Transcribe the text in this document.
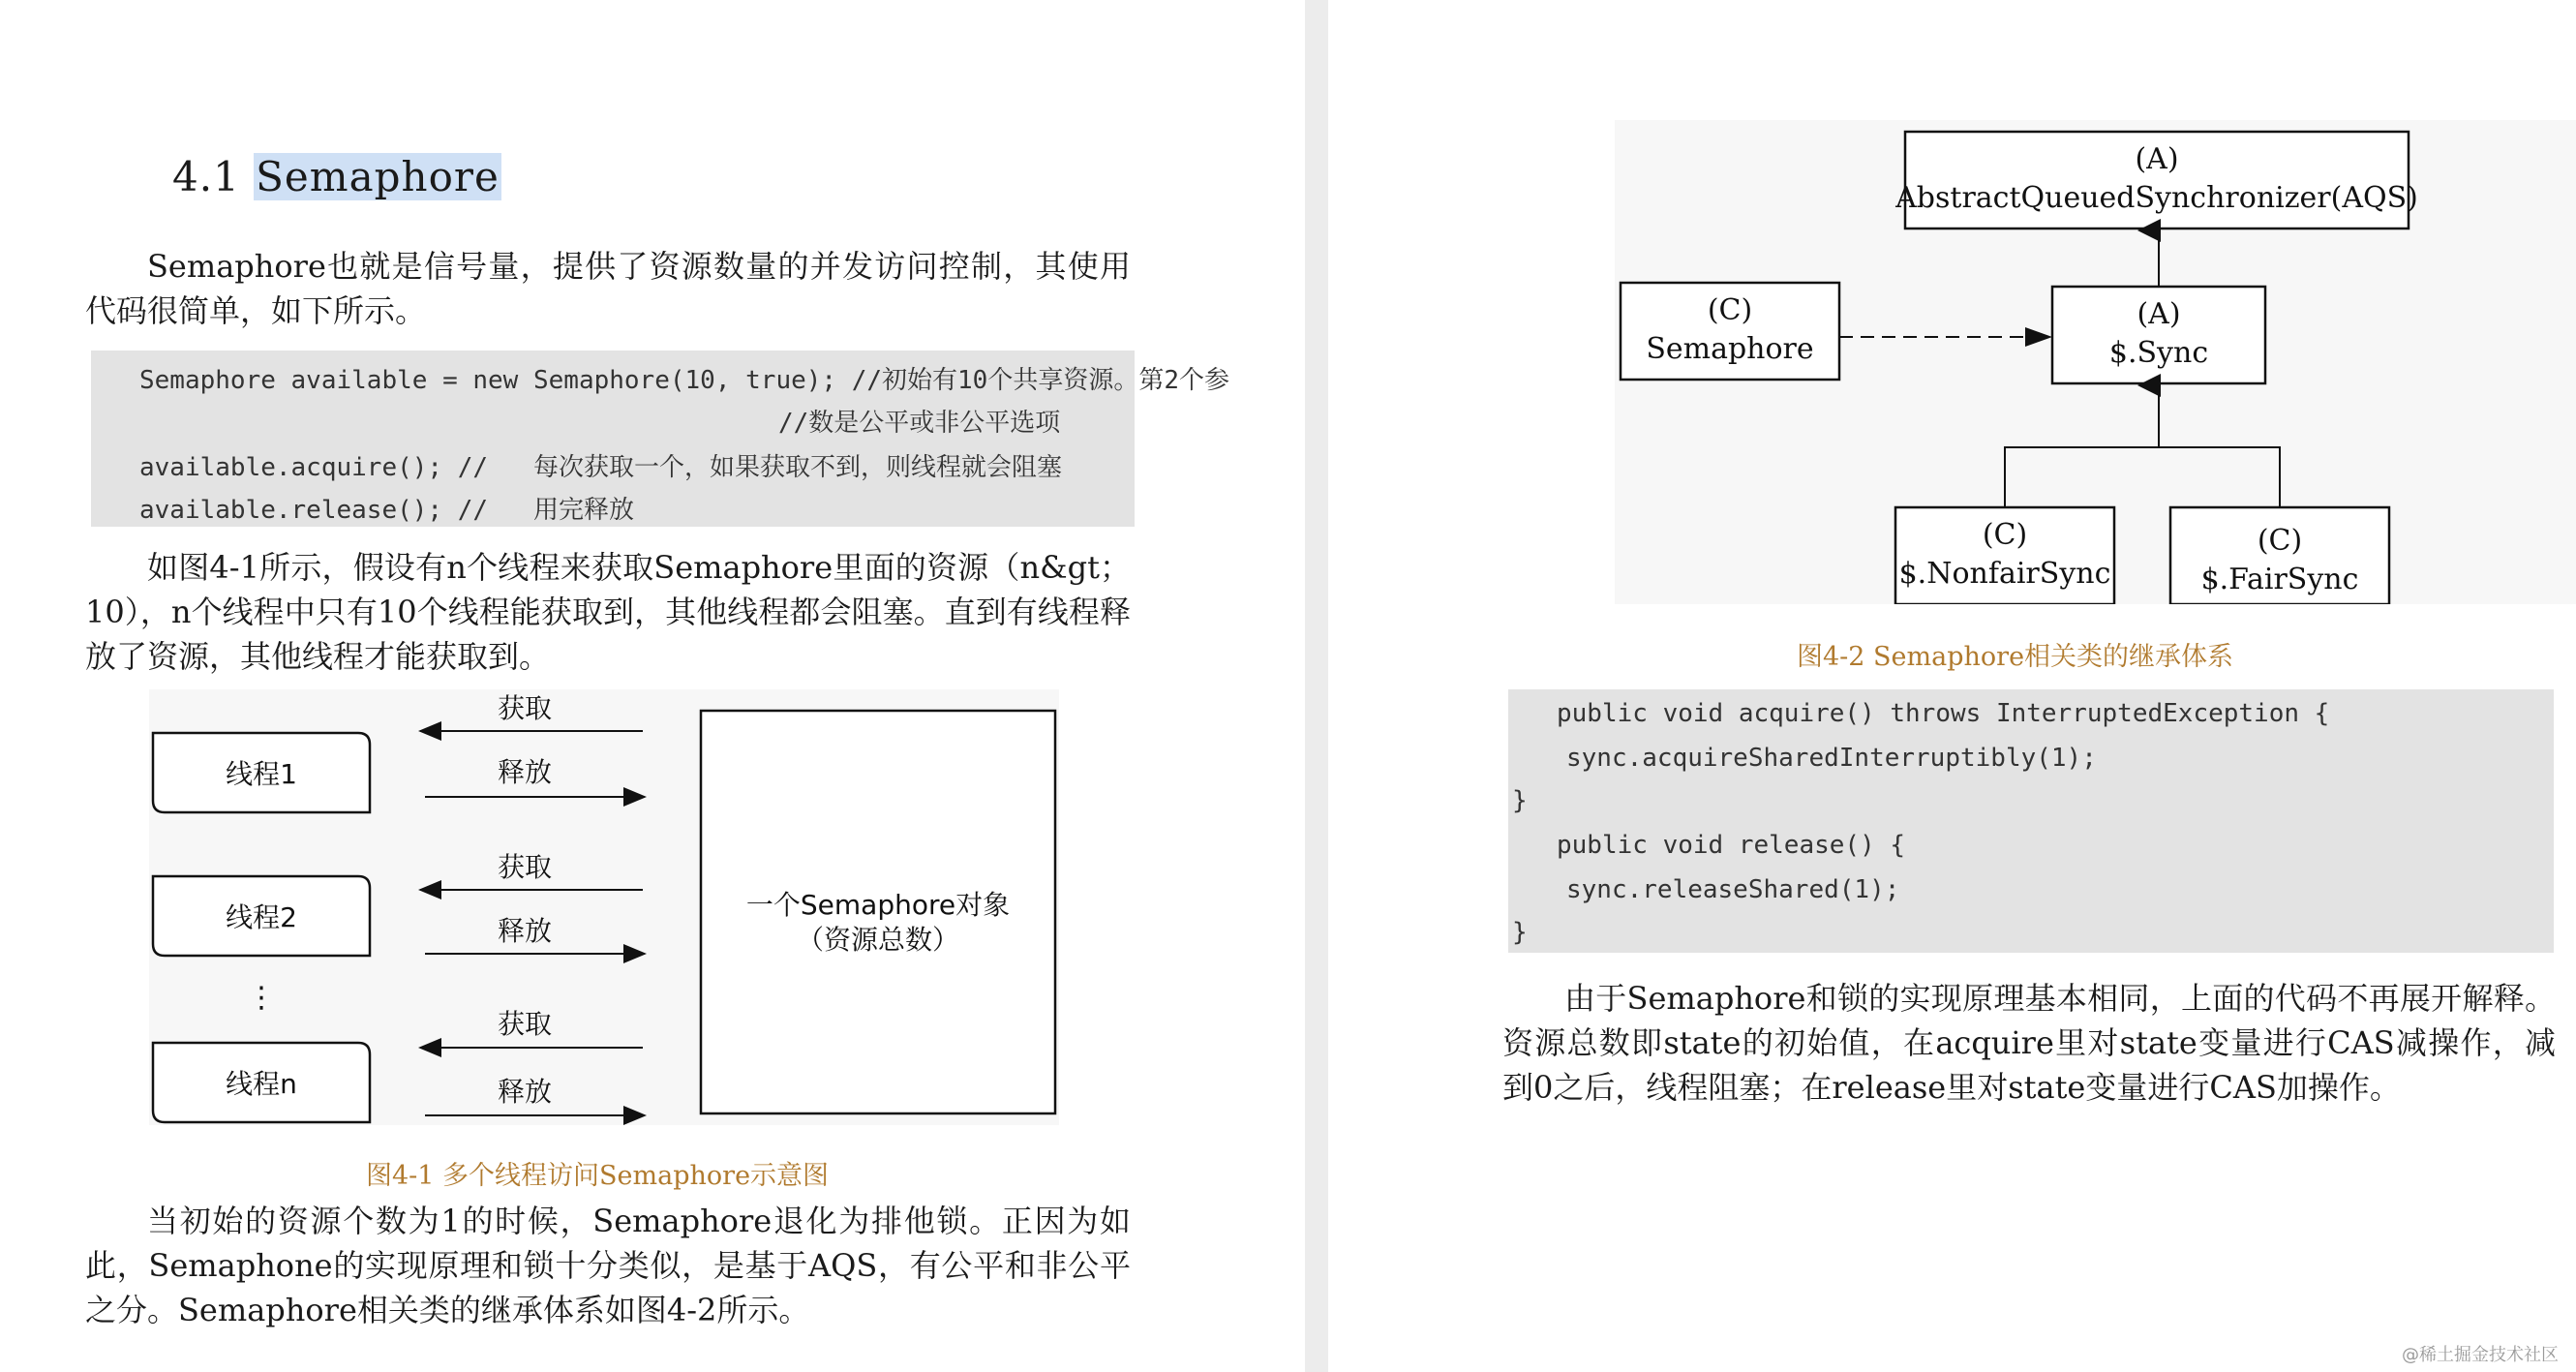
4.1 Semaphore

Semaphore也就是信号量，提供了资源数量的并发访问控制，其使用代码很简单，如下所示。

Semaphore available = new Semaphore(10, true); //初始有10个共享资源。第2个参
//数是公平或非公平选项
available.acquire(); //   每次获取一个，如果获取不到，则线程就会阻塞
available.release(); //   用完释放

如图4-1所示，假设有n个线程来获取Semaphore里面的资源（n&gt；10），n个线程中只有10个线程能获取到，其他线程都会阻塞。直到有线程释放了资源，其他线程才能获取到。

线程1
线程2
⋮
线程n
获取
释放
获取
释放
获取
释放
一个Semaphore对象
（资源总数）
图4-1 多个线程访问Semaphore示意图

当初始的资源个数为1的时候，Semaphore退化为排他锁。正因为如此，Semaphone的实现原理和锁十分类似，是基于AQS，有公平和非公平之分。Semaphore相关类的继承体系如图4-2所示。

(A)
AbstractQueuedSynchronizer(AQS)
(A)
$.Sync
(C)
Semaphore
(C)
$.NonfairSync
(C)
$.FairSync
图4-2 Semaphore相关类的继承体系
public void acquire() throws InterruptedException {
sync.acquireSharedInterruptibly(1);
}
public void release() {
sync.releaseShared(1);
}

由于Semaphore和锁的实现原理基本相同，上面的代码不再展开解释。资源总数即state的初始值，在acquire里对state变量进行CAS减操作，减到0之后，线程阻塞；在release里对state变量进行CAS加操作。

@稀土掘金技术社区
